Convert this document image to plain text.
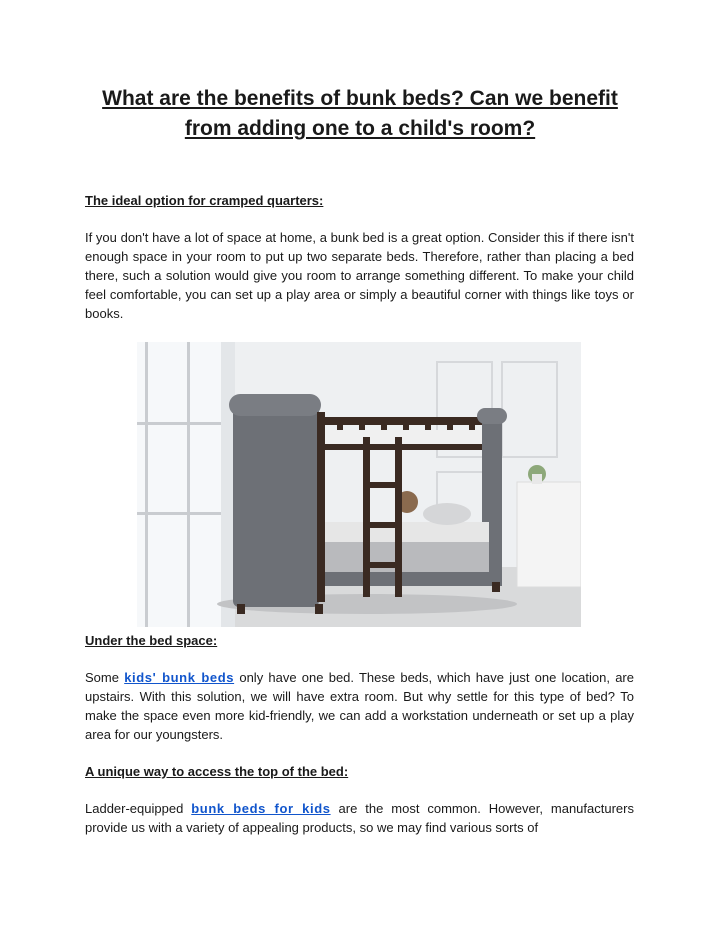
What are the benefits of bunk beds? Can we benefit
from adding one to a child's room?
The ideal option for cramped quarters:

If you don't have a lot of space at home, a bunk bed is a great option. Consider this if there isn't enough space in your room to put up two separate beds. Therefore, rather than placing a bed there, such a solution would give you room to arrange something different. To make your child feel comfortable, you can set up a play area or simply a beautiful corner with things like toys or books.

Under the bed space:

Some kids' bunk beds only have one bed. These beds, which have just one location, are upstairs. With this solution, we will have extra room. But why settle for this type of bed? To make the space even more kid-friendly, we can add a workstation underneath or set up a play area for our youngsters.

A unique way to access the top of the bed:

Ladder-equipped bunk beds for kids are the most common. However, manufacturers provide us with a variety of appealing products, so we may find various sorts of
